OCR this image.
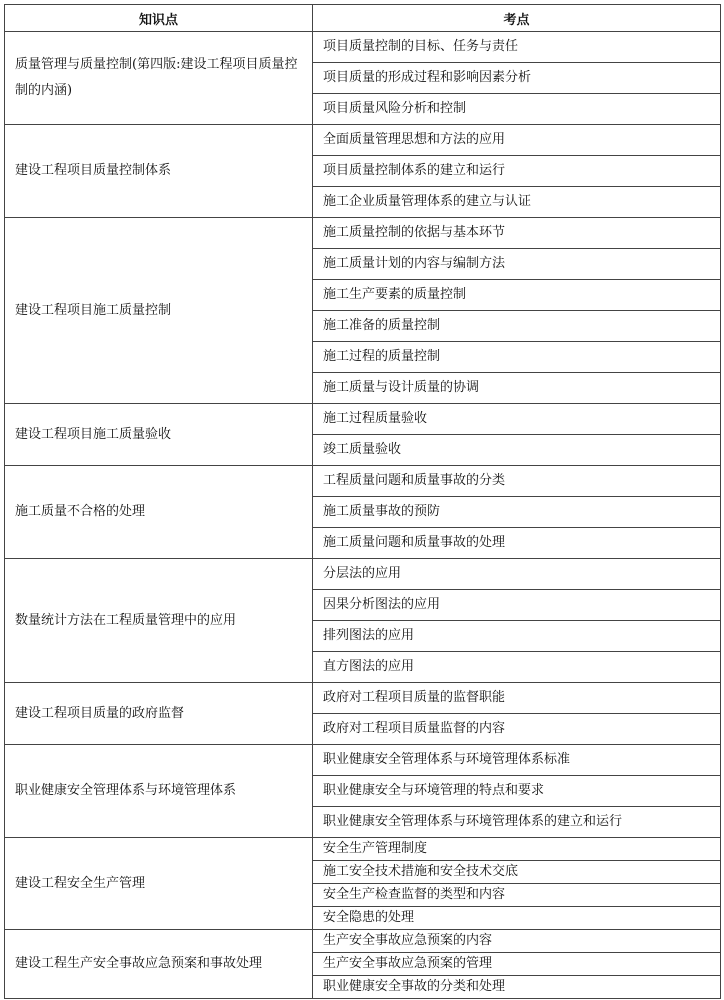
知识点	考点
质量管理与质量控制(第四版:建设工程项目质量控制的内涵)	项目质量控制的目标、任务与责任
	项目质量的形成过程和影响因素分析
	项目质量风险分析和控制
建设工程项目质量控制体系	全面质量管理思想和方法的应用
	项目质量控制体系的建立和运行
	施工企业质量管理体系的建立与认证
建设工程项目施工质量控制	施工质量控制的依据与基本环节
	施工质量计划的内容与编制方法
	施工生产要素的质量控制
	施工准备的质量控制
	施工过程的质量控制
	施工质量与设计质量的协调
建设工程项目施工质量验收	施工过程质量验收
	竣工质量验收
施工质量不合格的处理	工程质量问题和质量事故的分类
	施工质量事故的预防
	施工质量问题和质量事故的处理
数量统计方法在工程质量管理中的应用	分层法的应用
	因果分析图法的应用
	排列图法的应用
	直方图法的应用
建设工程项目质量的政府监督	政府对工程项目质量的监督职能
	政府对工程项目质量监督的内容
职业健康安全管理体系与环境管理体系	职业健康安全管理体系与环境管理体系标准
	职业健康安全与环境管理的特点和要求
	职业健康安全管理体系与环境管理体系的建立和运行
建设工程安全生产管理	安全生产管理制度
	施工安全技术措施和安全技术交底
	安全生产检查监督的类型和内容
	安全隐患的处理
建设工程生产安全事故应急预案和事故处理	生产安全事故应急预案的内容
	生产安全事故应急预案的管理
	职业健康安全事故的分类和处理
